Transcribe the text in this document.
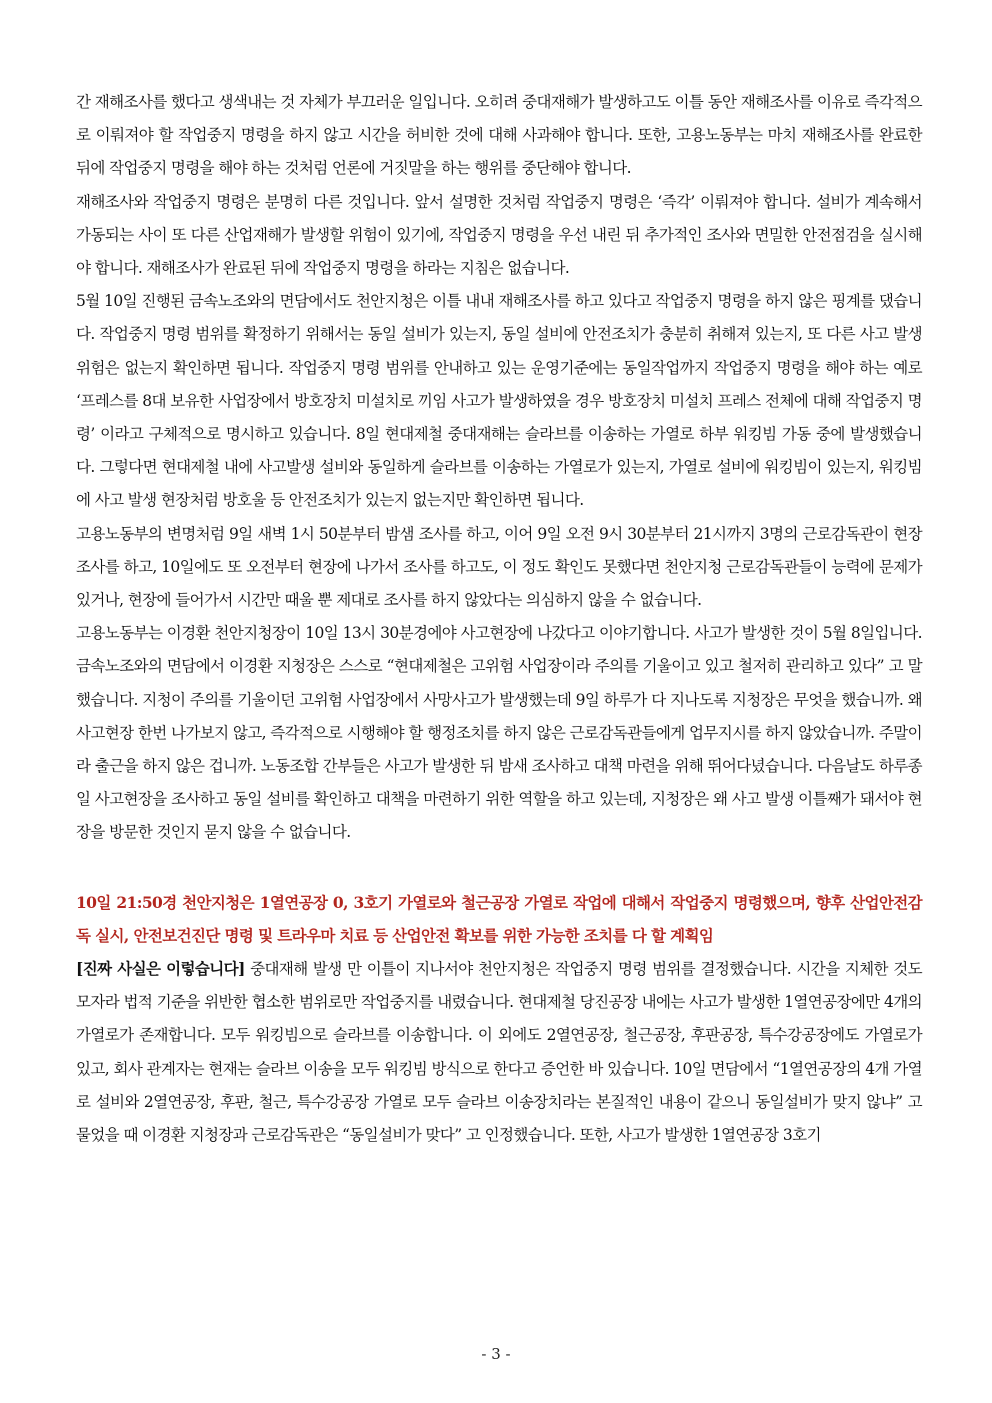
간 재해조사를 했다고 생색내는 것 자체가 부끄러운 일입니다. 오히려 중대재해가 발생하고도 이틀 동안 재해조사를 이유로 즉각적으로 이뤄져야 할 작업중지 명령을 하지 않고 시간을 허비한 것에 대해 사과해야 합니다. 또한, 고용노동부는 마치 재해조사를 완료한 뒤에 작업중지 명령을 해야 하는 것처럼 언론에 거짓말을 하는 행위를 중단해야 합니다.

재해조사와 작업중지 명령은 분명히 다른 것입니다. 앞서 설명한 것처럼 작업중지 명령은 ‘즉각’ 이뤄져야 합니다. 설비가 계속해서 가동되는 사이 또 다른 산업재해가 발생할 위험이 있기에, 작업중지 명령을 우선 내린 뒤 추가적인 조사와 면밀한 안전점검을 실시해야 합니다. 재해조사가 완료된 뒤에 작업중지 명령을 하라는 지침은 없습니다.

5월 10일 진행된 금속노조와의 면담에서도 천안지청은 이틀 내내 재해조사를 하고 있다고 작업중지 명령을 하지 않은 핑계를 댔습니다. 작업중지 명령 범위를 확정하기 위해서는 동일 설비가 있는지, 동일 설비에 안전조치가 충분히 취해져 있는지, 또 다른 사고 발생 위험은 없는지 확인하면 됩니다. 작업중지 명령 범위를 안내하고 있는 운영기준에는 동일작업까지 작업중지 명령을 해야 하는 예로 ‘프레스를 8대 보유한 사업장에서 방호장치 미설치로 끼임 사고가 발생하였을 경우 방호장치 미설치 프레스 전체에 대해 작업중지 명령’ 이라고 구체적으로 명시하고 있습니다. 8일 현대제철 중대재해는 슬라브를 이송하는 가열로 하부 워킹빔 가동 중에 발생했습니다. 그렇다면 현대제철 내에 사고발생 설비와 동일하게 슬라브를 이송하는 가열로가 있는지, 가열로 설비에 워킹빔이 있는지, 워킹빔에 사고 발생 현장처럼 방호울 등 안전조치가 있는지 없는지만 확인하면 됩니다.

고용노동부의 변명처럼 9일 새벽 1시 50분부터 밤샘 조사를 하고, 이어 9일 오전 9시 30분부터 21시까지 3명의 근로감독관이 현장조사를 하고, 10일에도 또 오전부터 현장에 나가서 조사를 하고도, 이 정도 확인도 못했다면 천안지청 근로감독관들이 능력에 문제가 있거나, 현장에 들어가서 시간만 때울 뿐 제대로 조사를 하지 않았다는 의심하지 않을 수 없습니다.

고용노동부는 이경환 천안지청장이 10일 13시 30분경에야 사고현장에 나갔다고 이야기합니다. 사고가 발생한 것이 5월 8일입니다. 금속노조와의 면담에서 이경환 지청장은 스스로 “현대제철은 고위험 사업장이라 주의를 기울이고 있고 철저히 관리하고 있다” 고 말했습니다. 지청이 주의를 기울이던 고위험 사업장에서 사망사고가 발생했는데 9일 하루가 다 지나도록 지청장은 무엇을 했습니까. 왜 사고현장 한번 나가보지 않고, 즉각적으로 시행해야 할 행정조치를 하지 않은 근로감독관들에게 업무지시를 하지 않았습니까. 주말이라 출근을 하지 않은 겁니까. 노동조합 간부들은 사고가 발생한 뒤 밤새 조사하고 대책 마련을 위해 뛰어다녔습니다. 다음날도 하루종일 사고현장을 조사하고 동일 설비를 확인하고 대책을 마련하기 위한 역할을 하고 있는데, 지청장은 왜 사고 발생 이틀째가 돼서야 현장을 방문한 것인지 묻지 않을 수 없습니다.

10일 21:50경 천안지청은 1열연공장 0, 3호기 가열로와 철근공장 가열로 작업에 대해서 작업중지 명령했으며, 향후 산업안전감독 실시, 안전보건진단 명령 및 트라우마 치료 등 산업안전 확보를 위한 가능한 조치를 다 할 계획임

[진짜 사실은 이렇습니다] 중대재해 발생 만 이틀이 지나서야 천안지청은 작업중지 명령 범위를 결정했습니다. 시간을 지체한 것도 모자라 법적 기준을 위반한 협소한 범위로만 작업중지를 내렸습니다. 현대제철 당진공장 내에는 사고가 발생한 1열연공장에만 4개의 가열로가 존재합니다. 모두 워킹빔으로 슬라브를 이송합니다. 이 외에도 2열연공장, 철근공장, 후판공장, 특수강공장에도 가열로가 있고, 회사 관계자는 현재는 슬라브 이송을 모두 워킹빔 방식으로 한다고 증언한 바 있습니다. 10일 면담에서 “1열연공장의 4개 가열로 설비와 2열연공장, 후판, 철근, 특수강공장 가열로 모두 슬라브 이송장치라는 본질적인 내용이 같으니 동일설비가 맞지 않냐” 고 물었을 때 이경환 지청장과 근로감독관은 “동일설비가 맞다” 고 인정했습니다. 또한, 사고가 발생한 1열연공장 3호기

- 3 -
